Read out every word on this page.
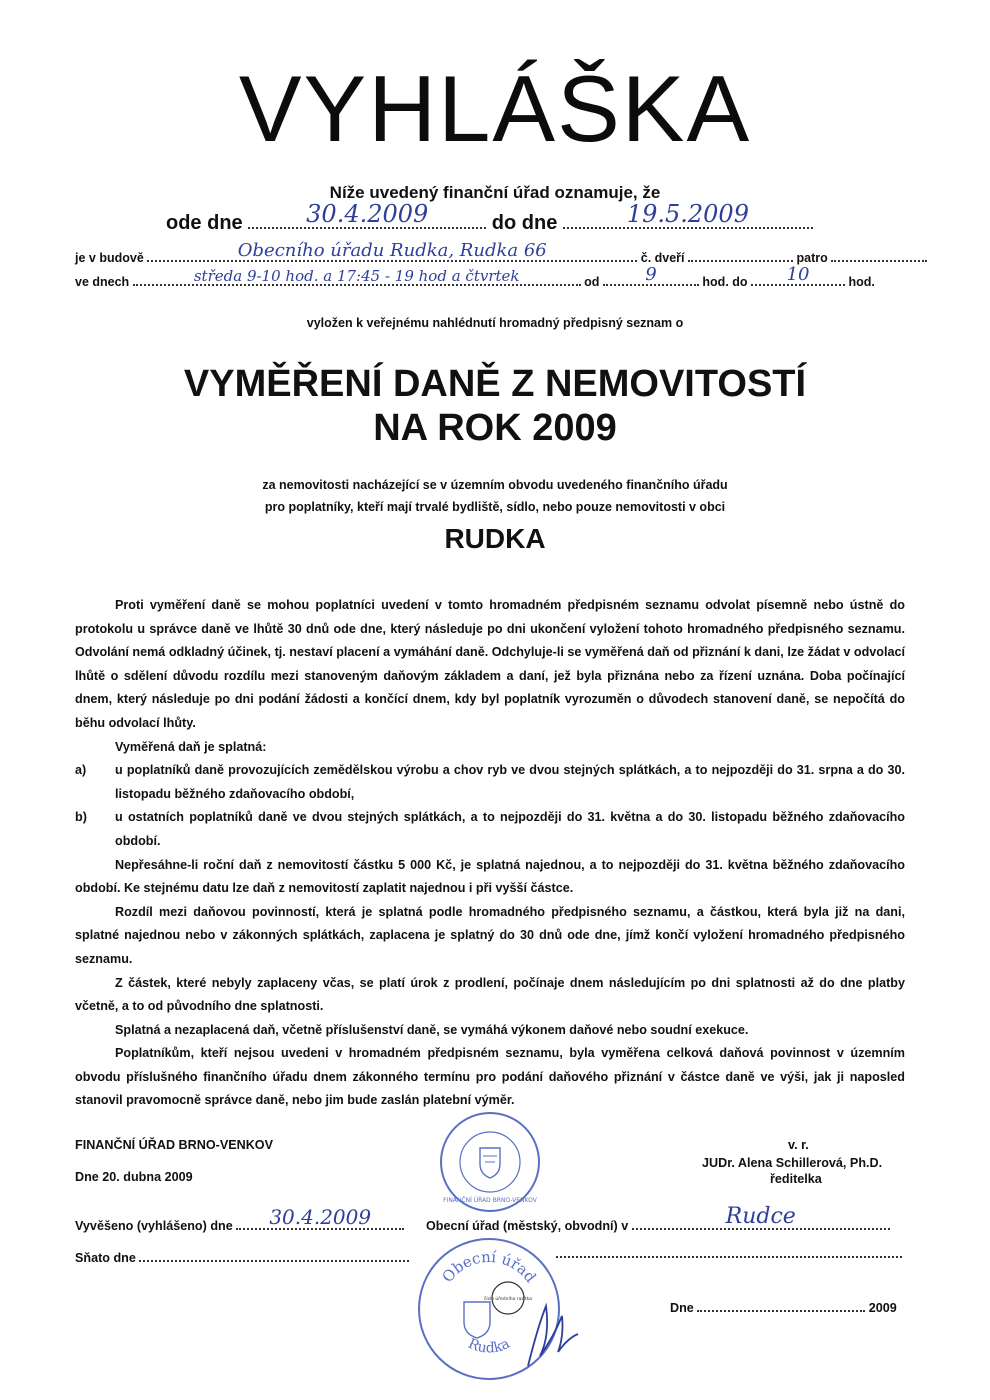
VYHLÁŠKA
Níže uvedený finanční úřad oznamuje, že
ode dne	30.4.2009	do dne	19.5.2009
je v budově	Obecního úřadu Rudka, Rudka 66	č. dveří	patro
ve dnech	středa 9-10 hod. a 17:45 - 19 hod a čtvrtek	od	9	hod. do	10	hod.
vyložen k veřejnému nahlédnutí hromadný předpisný seznam o
VYMĚŘENÍ DANĚ Z NEMOVITOSTÍ
NA ROK 2009
za nemovitosti nacházející se v územním obvodu uvedeného finančního úřadu
pro poplatníky, kteří mají trvalé bydliště, sídlo, nebo pouze nemovitosti v obci
RUDKA

Proti vyměření daně se mohou poplatníci uvedení v tomto hromadném předpisném seznamu odvolat písemně nebo ústně do protokolu u správce daně ve lhůtě 30 dnů ode dne, který následuje po dni ukončení vyložení tohoto hromadného předpisného seznamu. Odvolání nemá odkladný účinek, tj. nestaví placení a vymáhání daně. Odchyluje-li se vyměřená daň od přiznání k dani, lze žádat v odvolací lhůtě o sdělení důvodu rozdílu mezi stanoveným daňovým základem a daní, jež byla přiznána nebo za řízení uznána. Doba počínající dnem, který následuje po dni podání žádosti a končící dnem, kdy byl poplatník vyrozuměn o důvodech stanovení daně, se nepočítá do běhu odvolací lhůty.

Vyměřená daň je splatná:

a) u poplatníků daně provozujících zemědělskou výrobu a chov ryb ve dvou stejných splátkách, a to nejpozději do 31. srpna a do 30. listopadu běžného zdaňovacího období,

b) u ostatních poplatníků daně ve dvou stejných splátkách, a to nejpozději do 31. května a do 30. listopadu běžného zdaňovacího období.

Nepřesáhne-li roční daň z nemovitostí částku 5 000 Kč, je splatná najednou, a to nejpozději do 31. května běžného zdaňovacího období. Ke stejnému datu lze daň z nemovitostí zaplatit najednou i při vyšší částce.

Rozdíl mezi daňovou povinností, která je splatná podle hromadného předpisného seznamu, a částkou, která byla již na dani, splatné najednou nebo v zákonných splátkách, zaplacena je splatný do 30 dnů ode dne, jímž končí vyložení hromadného předpisného seznamu.

Z částek, které nebyly zaplaceny včas, se platí úrok z prodlení, počínaje dnem následujícím po dni splatnosti až do dne platby včetně, a to od původního dne splatnosti.

Splatná a nezaplacená daň, včetně příslušenství daně, se vymáhá výkonem daňové nebo soudní exekuce.

Poplatníkům, kteří nejsou uvedeni v hromadném předpisném seznamu, byla vyměřena celková daňová povinnost v územním obvodu příslušného finančního úřadu dnem zákonného termínu pro podání daňového přiznání v částce daně ve výši, jak ji naposled stanovil pravomocně správce daně, nebo jim bude zaslán platební výměr.

FINANČNÍ ÚŘAD BRNO-VENKOV
Dne 20. dubna 2009
FINANČNÍ ÚŘAD BRNO-VENKOV
v. r.
JUDr. Alena Schillerová, Ph.D.
ředitelka
Vyvěšeno (vyhlášeno) dne	30.4.2009	Obecní úřad (městský, obvodní) v	Rudce
Sňato dne
Obecní úřad
Rudka
číslo úředního razítka
Dne	2009
